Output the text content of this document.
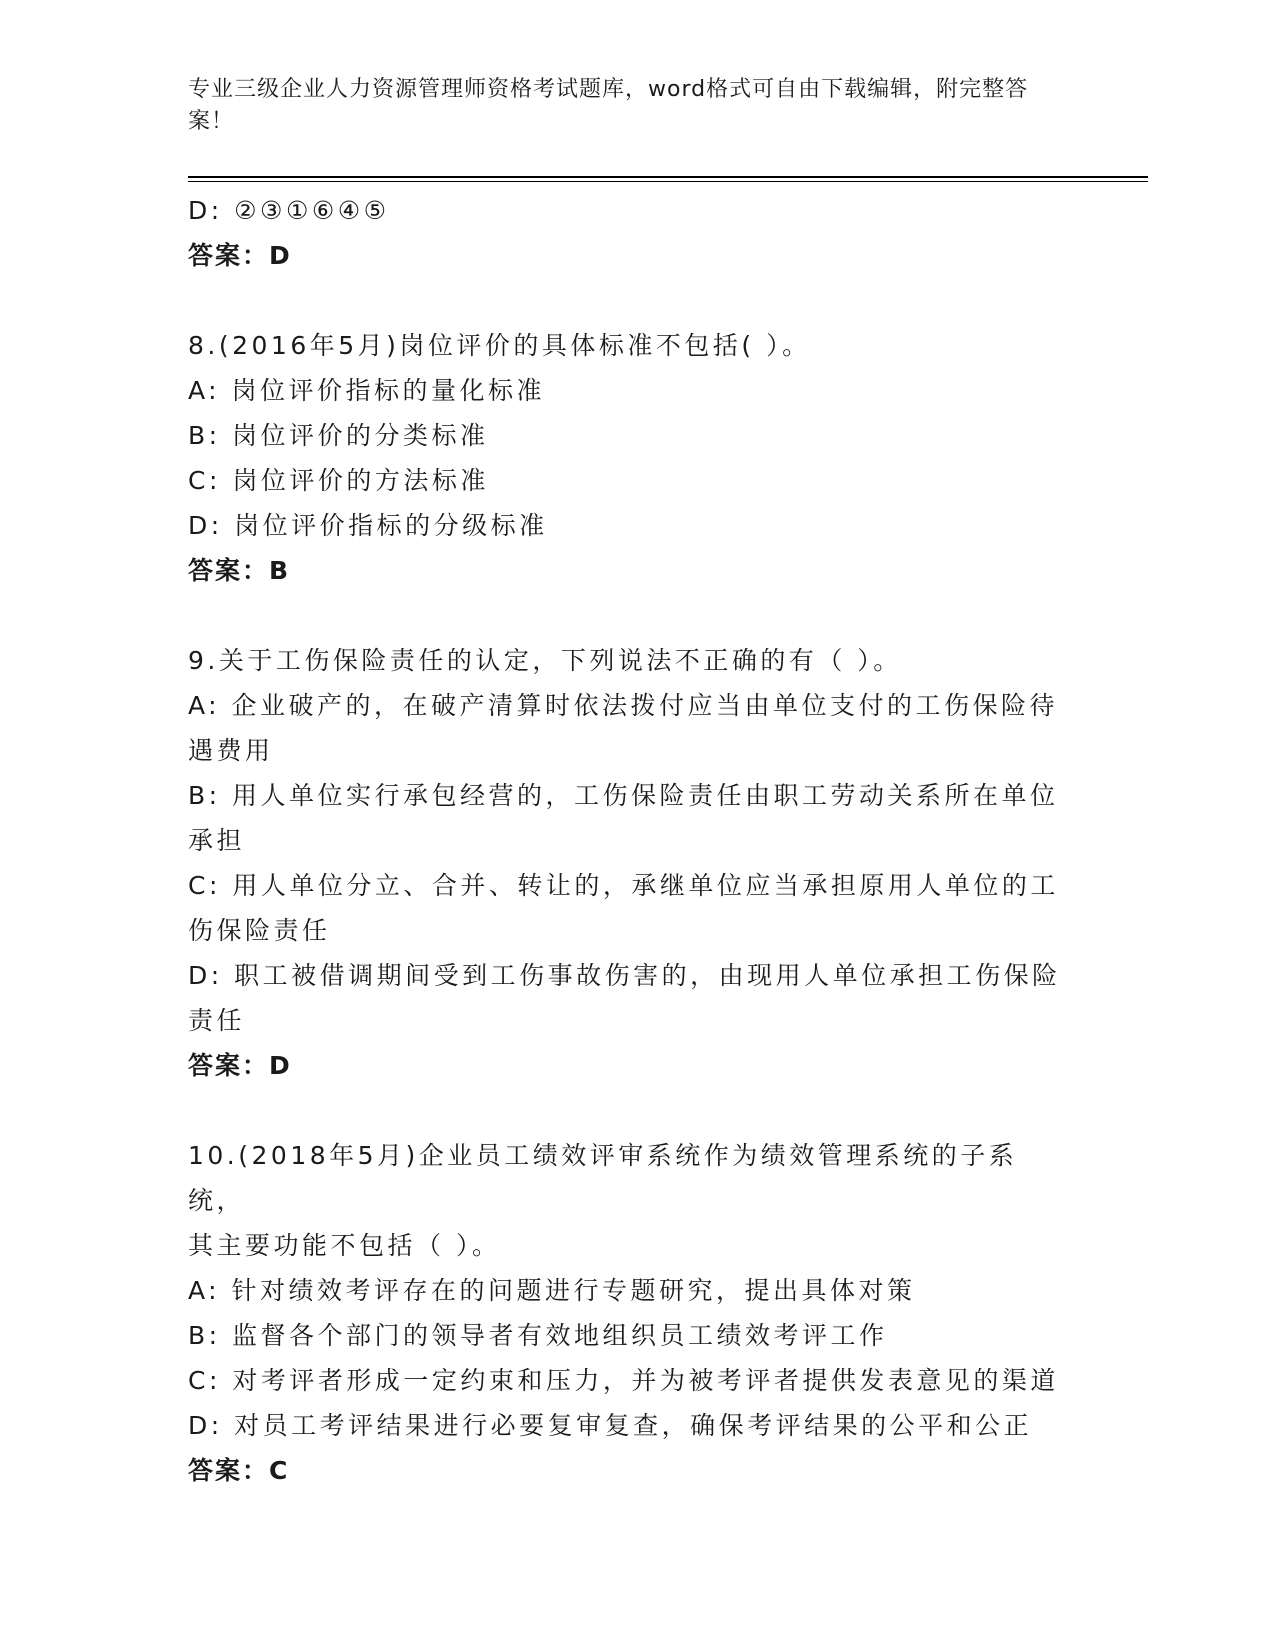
专业三级企业人力资源管理师资格考试题库，word格式可自由下载编辑，附完整答案！
D: ②③①⑥④⑤
答案：D
8.(2016年5月)岗位评价的具体标准不包括( ）。
A: 岗位评价指标的量化标准
B: 岗位评价的分类标准
C: 岗位评价的方法标准
D: 岗位评价指标的分级标准
答案：B
9.关于工伤保险责任的认定，下列说法不正确的有（ ）。
A: 企业破产的，在破产清算时依法拨付应当由单位支付的工伤保险待
遇费用
B: 用人单位实行承包经营的，工伤保险责任由职工劳动关系所在单位
承担
C: 用人单位分立、合并、转让的，承继单位应当承担原用人单位的工
伤保险责任
D: 职工被借调期间受到工伤事故伤害的，由现用人单位承担工伤保险
责任
答案：D
10.(2018年5月)企业员工绩效评审系统作为绩效管理系统的子系统，
其主要功能不包括（ ）。
A: 针对绩效考评存在的问题进行专题研究，提出具体对策
B: 监督各个部门的领导者有效地组织员工绩效考评工作
C: 对考评者形成一定约束和压力，并为被考评者提供发表意见的渠道
D: 对员工考评结果进行必要复审复查，确保考评结果的公平和公正
答案：C
